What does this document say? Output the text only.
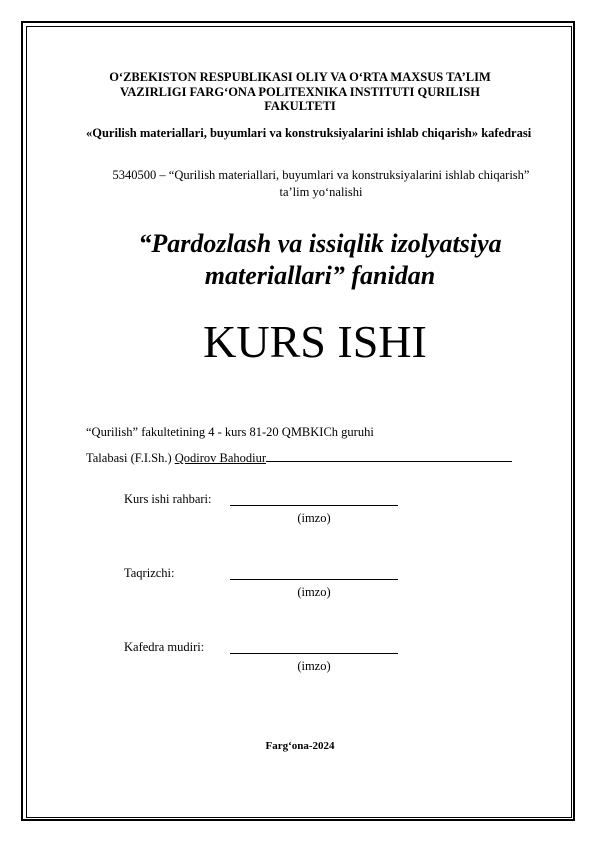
O‘ZBEKISTON RESPUBLIKASI OLIY VA O‘RTA MAXSUS TA’LIM
VAZIRLIGI FARG‘ONA POLITEXNIKA INSTITUTI QURILISH
FAKULTETI
«Qurilish materiallari, buyumlari va konstruksiyalarini ishlab chiqarish» kafedrasi
5340500 – “Qurilish materiallari, buyumlari va konstruksiyalarini ishlab chiqarish”
ta’lim yo‘nalishi
“Pardozlash va issiqlik izolyatsiya
materiallari” fanidan
KURS ISHI
“Qurilish” fakultetining 4 - kurs 81-20 QMBKICh guruhi
Talabasi (F.I.Sh.) Qodirov Bahodiur
Kurs ishi rahbari:
(imzo)
Taqrizchi:
(imzo)
Kafedra mudiri:
(imzo)
Farg‘ona-2024
